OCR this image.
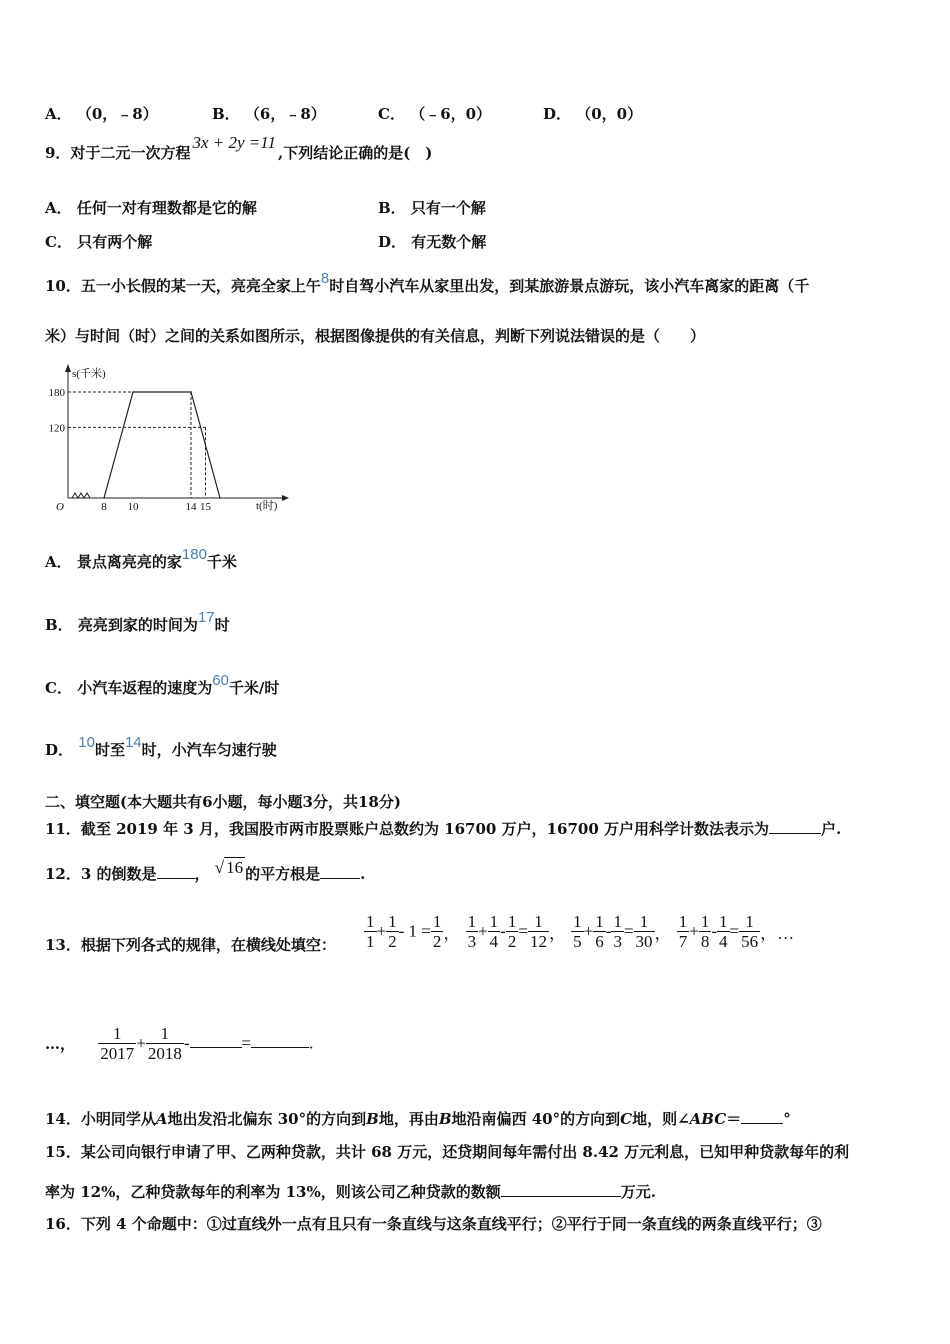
A． （0，﹣8）	B． （6，﹣8）	C． （﹣6，0）	D． （0，0）
9．对于二元一次方程3x + 2y =11,下列结论正确的是(　)
A． 任何一对有理数都是它的解	B． 只有一个解
C． 只有两个解	D． 有无数个解
10．五一小长假的某一天，亮亮全家上午8时自驾小汽车从家里出发，到某旅游景点游玩，该小汽车离家的距离（千
米）与时间（时）之间的关系如图所示，根据图像提供的有关信息，判断下列说法错误的是（　　）
s(千米)
t(时)
O
180
120
8 10	14 15
A． 景点离亮亮的家180千米
B． 亮亮到家的时间为17时
C． 小汽车返程的速度为60千米/时
D． 10时至14时，小汽车匀速行驶
二、填空题(本大题共有6小题，每小题3分，共18分)
11．截至 2019 年 3 月，我国股市两市股票账户总数约为 16700 万户，16700 万户用科学计数法表示为	户.
12．3 的倒数是	， √ 16 的平方根是	.
13．根据下列各式的规律，在横线处填空： $\frac{1}{1} + \frac{1}{2} - 1 = \frac{1}{2}$ ， $\frac{1}{3} + \frac{1}{4} - \frac{1}{2} = \frac{1}{12}$ ， $\frac{1}{5} + \frac{1}{6} - \frac{1}{3} = \frac{1}{30}$ ， $\frac{1}{7} + \frac{1}{8} - \frac{1}{4} = \frac{1}{56}$ ，…
…， $\frac{1}{2017} + \frac{1}{2018}$ -	=	.
14．小明同学从A地出发沿北偏东 30°的方向到B地，再由B地沿南偏西 40°的方向到C地，则∠ABC＝	°
15．某公司向银行申请了甲、乙两种贷款，共计 68 万元，还贷期间每年需付出 8.42 万元利息，已知甲种贷款每年的利
率为 12%，乙种贷款每年的利率为 13%，则该公司乙种贷款的数额	万元.
16．下列 4 个命题中：①过直线外一点有且只有一条直线与这条直线平行；②平行于同一条直线的两条直线平行；③
